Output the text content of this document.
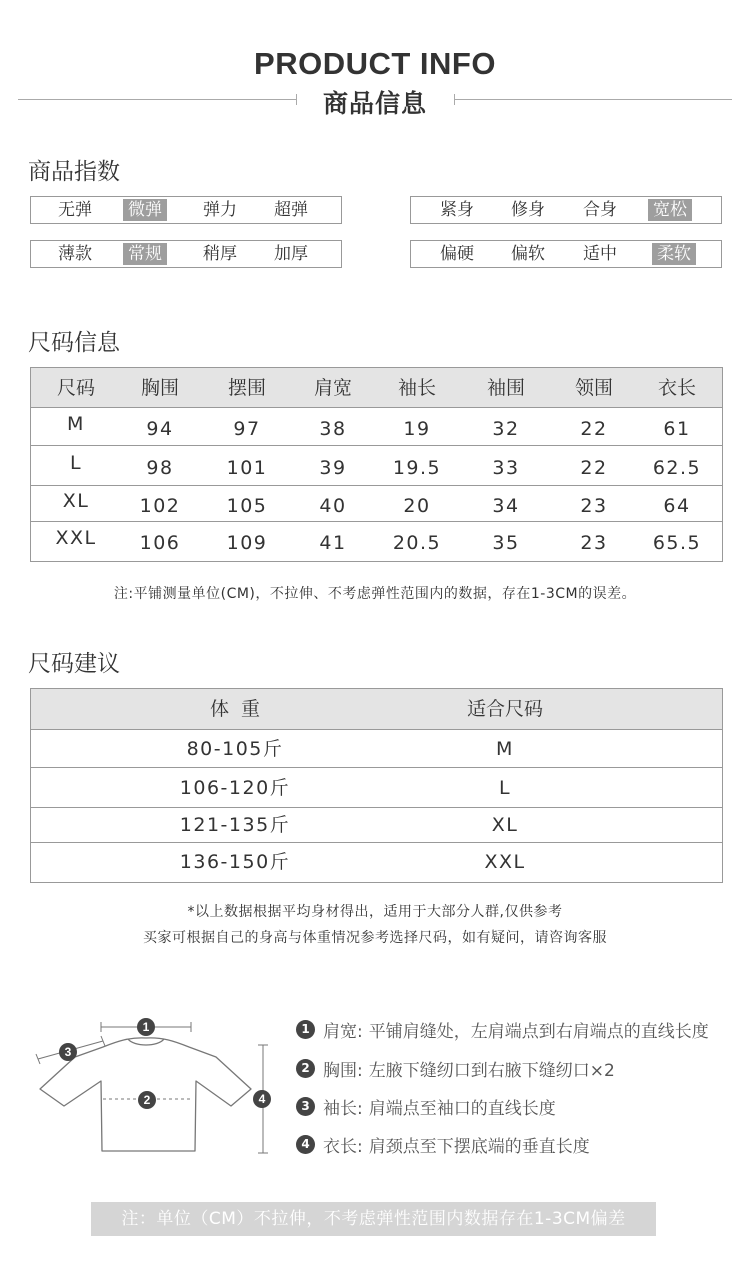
PRODUCT INFO
商品信息
商品指数
无弹 微弹 弹力 超弹	紧身 修身 合身 宽松
薄款 常规 稍厚 加厚	偏硬 偏软 适中 柔软
尺码信息
尺码	胸围	摆围	肩宽	袖长	袖围	领围	衣长
M	94	97	38	19	32	22	61
L	98	101	39	19.5	33	22	62.5
XL	102	105	40	20	34	23	64
XXL	106	109	41	20.5	35	23	65.5
注:平铺测量单位(CM)，不拉伸、不考虑弹性范围内的数据，存在1-3CM的误差。
尺码建议
体  重	适合尺码
80-105斤	M
106-120斤	L
121-135斤	XL
136-150斤	XXL
*以上数据根据平均身材得出，适用于大部分人群,仅供参考
买家可根据自己的身高与体重情况参考选择尺码，如有疑问，请咨询客服
1
2
3
4
1 肩宽: 平铺肩缝处，左肩端点到右肩端点的直线长度
2 胸围: 左腋下缝纫口到右腋下缝纫口×2
3 袖长: 肩端点至袖口的直线长度
4 衣长: 肩颈点至下摆底端的垂直长度
注：单位（CM）不拉伸，不考虑弹性范围内数据存在1-3CM偏差
